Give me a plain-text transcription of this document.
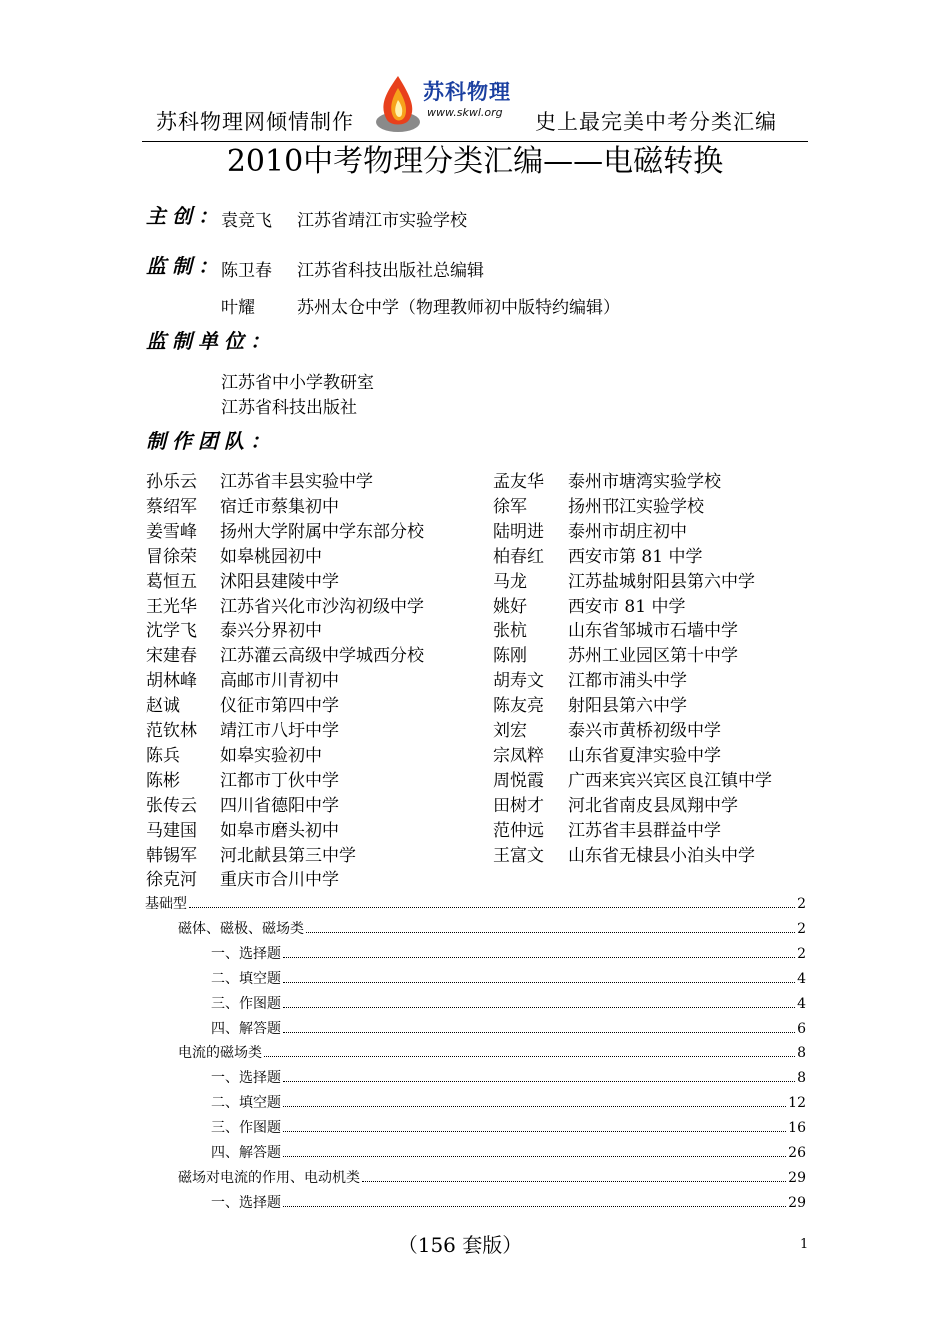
苏科物理网倾情制作
苏科物理
www.skwl.org 史上最完美中考分类汇编
2010中考物理分类汇编——电磁转换
主创：
袁竞飞 江苏省靖江市实验学校
监制：
陈卫春 江苏省科技出版社总编辑
叶耀 苏州太仓中学（物理教师初中版特约编辑）
监制单位：
江苏省中小学教研室
江苏省科技出版社
制作团队：
孙乐云 江苏省丰县实验中学
蔡绍军 宿迁市蔡集初中
姜雪峰 扬州大学附属中学东部分校
冒徐荣 如皋桃园初中
葛恒五 沭阳县建陵中学
王光华 江苏省兴化市沙沟初级中学
沈学飞 泰兴分界初中
宋建春 江苏灌云高级中学城西分校
胡林峰 高邮市川青初中
赵诚 仪征市第四中学
范钦林 靖江市八圩中学
陈兵 如皋实验初中
陈彬 江都市丁伙中学
张传云 四川省德阳中学
马建国 如皋市磨头初中
韩锡军 河北献县第三中学
徐克河 重庆市合川中学
孟友华 泰州市塘湾实验学校
徐军 扬州邗江实验学校
陆明进 泰州市胡庄初中
柏春红 西安市第 81 中学
马龙 江苏盐城射阳县第六中学
姚好 西安市 81 中学
张杭 山东省邹城市石墙中学
陈刚 苏州工业园区第十中学
胡寿文 江都市浦头中学
陈友亮 射阳县第六中学
刘宏 泰兴市黄桥初级中学
宗凤粹 山东省夏津实验中学
周悦霞 广西来宾兴宾区良江镇中学
田树才 河北省南皮县凤翔中学
范仲远 江苏省丰县群益中学
王富文 山东省无棣县小泊头中学
基础型	2
磁体、磁极、磁场类	2
一、选择题	2
二、填空题	4
三、作图题	4
四、解答题	6
电流的磁场类	8
一、选择题	8
二、填空题	12
三、作图题	16
四、解答题	26
磁场对电流的作用、电动机类	29
一、选择题	29
（156 套版）	1
